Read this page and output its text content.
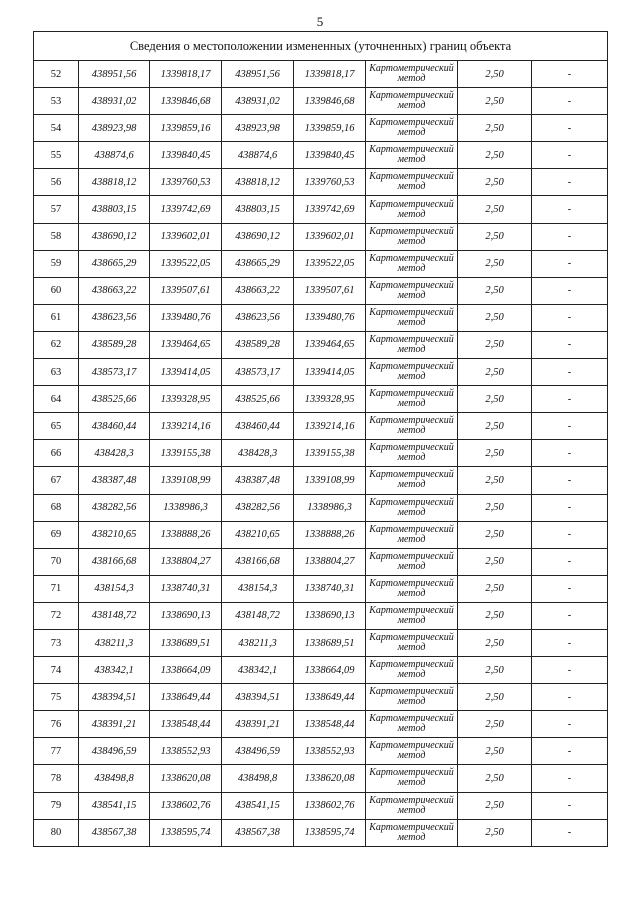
5
Сведения о местоположении измененных (уточненных) границ объекта							
52	438951,56	1339818,17	438951,56	1339818,17	Картометрический метод	2,50	-
53	438931,02	1339846,68	438931,02	1339846,68	Картометрический метод	2,50	-
54	438923,98	1339859,16	438923,98	1339859,16	Картометрический метод	2,50	-
55	438874,6	1339840,45	438874,6	1339840,45	Картометрический метод	2,50	-
56	438818,12	1339760,53	438818,12	1339760,53	Картометрический метод	2,50	-
57	438803,15	1339742,69	438803,15	1339742,69	Картометрический метод	2,50	-
58	438690,12	1339602,01	438690,12	1339602,01	Картометрический метод	2,50	-
59	438665,29	1339522,05	438665,29	1339522,05	Картометрический метод	2,50	-
60	438663,22	1339507,61	438663,22	1339507,61	Картометрический метод	2,50	-
61	438623,56	1339480,76	438623,56	1339480,76	Картометрический метод	2,50	-
62	438589,28	1339464,65	438589,28	1339464,65	Картометрический метод	2,50	-
63	438573,17	1339414,05	438573,17	1339414,05	Картометрический метод	2,50	-
64	438525,66	1339328,95	438525,66	1339328,95	Картометрический метод	2,50	-
65	438460,44	1339214,16	438460,44	1339214,16	Картометрический метод	2,50	-
66	438428,3	1339155,38	438428,3	1339155,38	Картометрический метод	2,50	-
67	438387,48	1339108,99	438387,48	1339108,99	Картометрический метод	2,50	-
68	438282,56	1338986,3	438282,56	1338986,3	Картометрический метод	2,50	-
69	438210,65	1338888,26	438210,65	1338888,26	Картометрический метод	2,50	-
70	438166,68	1338804,27	438166,68	1338804,27	Картометрический метод	2,50	-
71	438154,3	1338740,31	438154,3	1338740,31	Картометрический метод	2,50	-
72	438148,72	1338690,13	438148,72	1338690,13	Картометрический метод	2,50	-
73	438211,3	1338689,51	438211,3	1338689,51	Картометрический метод	2,50	-
74	438342,1	1338664,09	438342,1	1338664,09	Картометрический метод	2,50	-
75	438394,51	1338649,44	438394,51	1338649,44	Картометрический метод	2,50	-
76	438391,21	1338548,44	438391,21	1338548,44	Картометрический метод	2,50	-
77	438496,59	1338552,93	438496,59	1338552,93	Картометрический метод	2,50	-
78	438498,8	1338620,08	438498,8	1338620,08	Картометрический метод	2,50	-
79	438541,15	1338602,76	438541,15	1338602,76	Картометрический метод	2,50	-
80	438567,38	1338595,74	438567,38	1338595,74	Картометрический метод	2,50	-
